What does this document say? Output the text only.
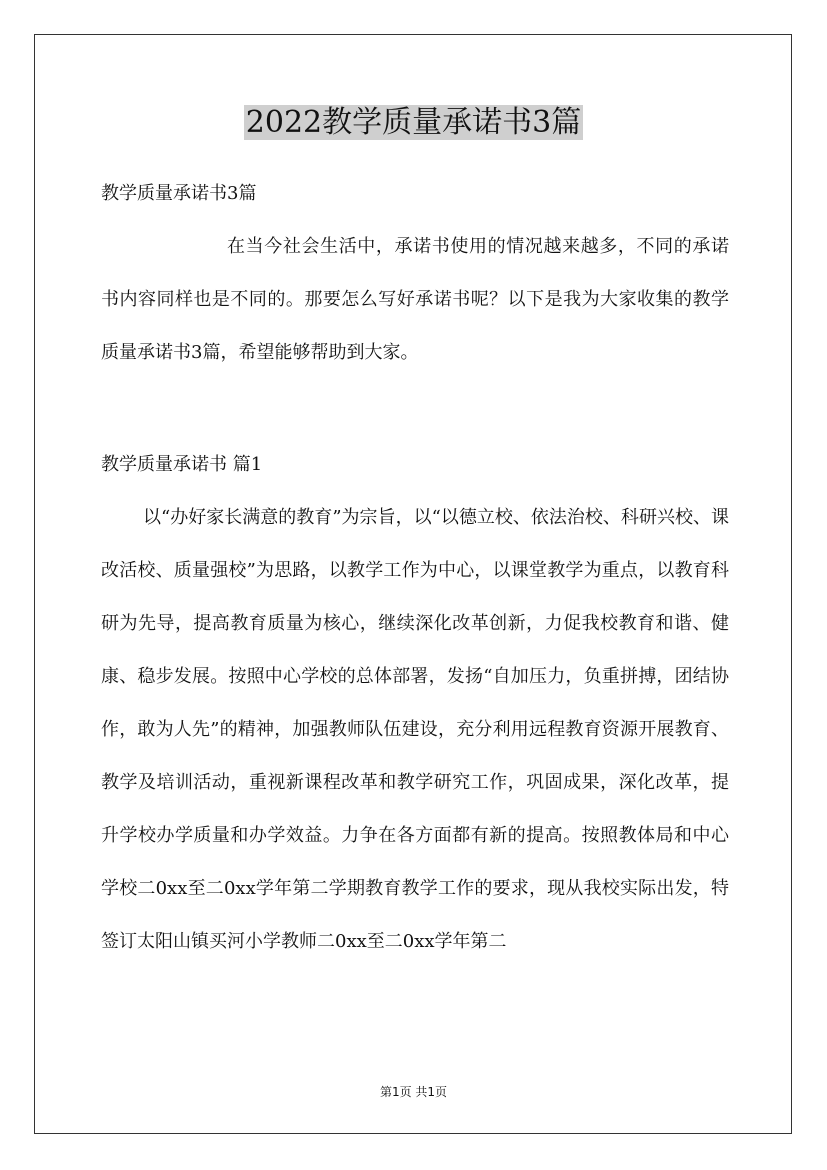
2022教学质量承诺书3篇

教学质量承诺书3篇

在当今社会生活中，承诺书使用的情况越来越多，不同的承诺书内容同样也是不同的。那要怎么写好承诺书呢？以下是我为大家收集的教学质量承诺书3篇，希望能够帮助到大家。

教学质量承诺书 篇1

以“办好家长满意的教育”为宗旨，以“以德立校、依法治校、科研兴校、课改活校、质量强校”为思路，以教学工作为中心，以课堂教学为重点，以教育科研为先导，提高教育质量为核心，继续深化改革创新，力促我校教育和谐、健康、稳步发展。按照中心学校的总体部署，发扬“自加压力，负重拼搏，团结协作，敢为人先”的精神，加强教师队伍建设，充分利用远程教育资源开展教育、教学及培训活动，重视新课程改革和教学研究工作，巩固成果，深化改革，提升学校办学质量和办学效益。力争在各方面都有新的提高。按照教体局和中心学校二0xx至二0xx学年第二学期教育教学工作的要求，现从我校实际出发，特签订太阳山镇买河小学教师二0xx至二0xx学年第二

第1页 共1页
